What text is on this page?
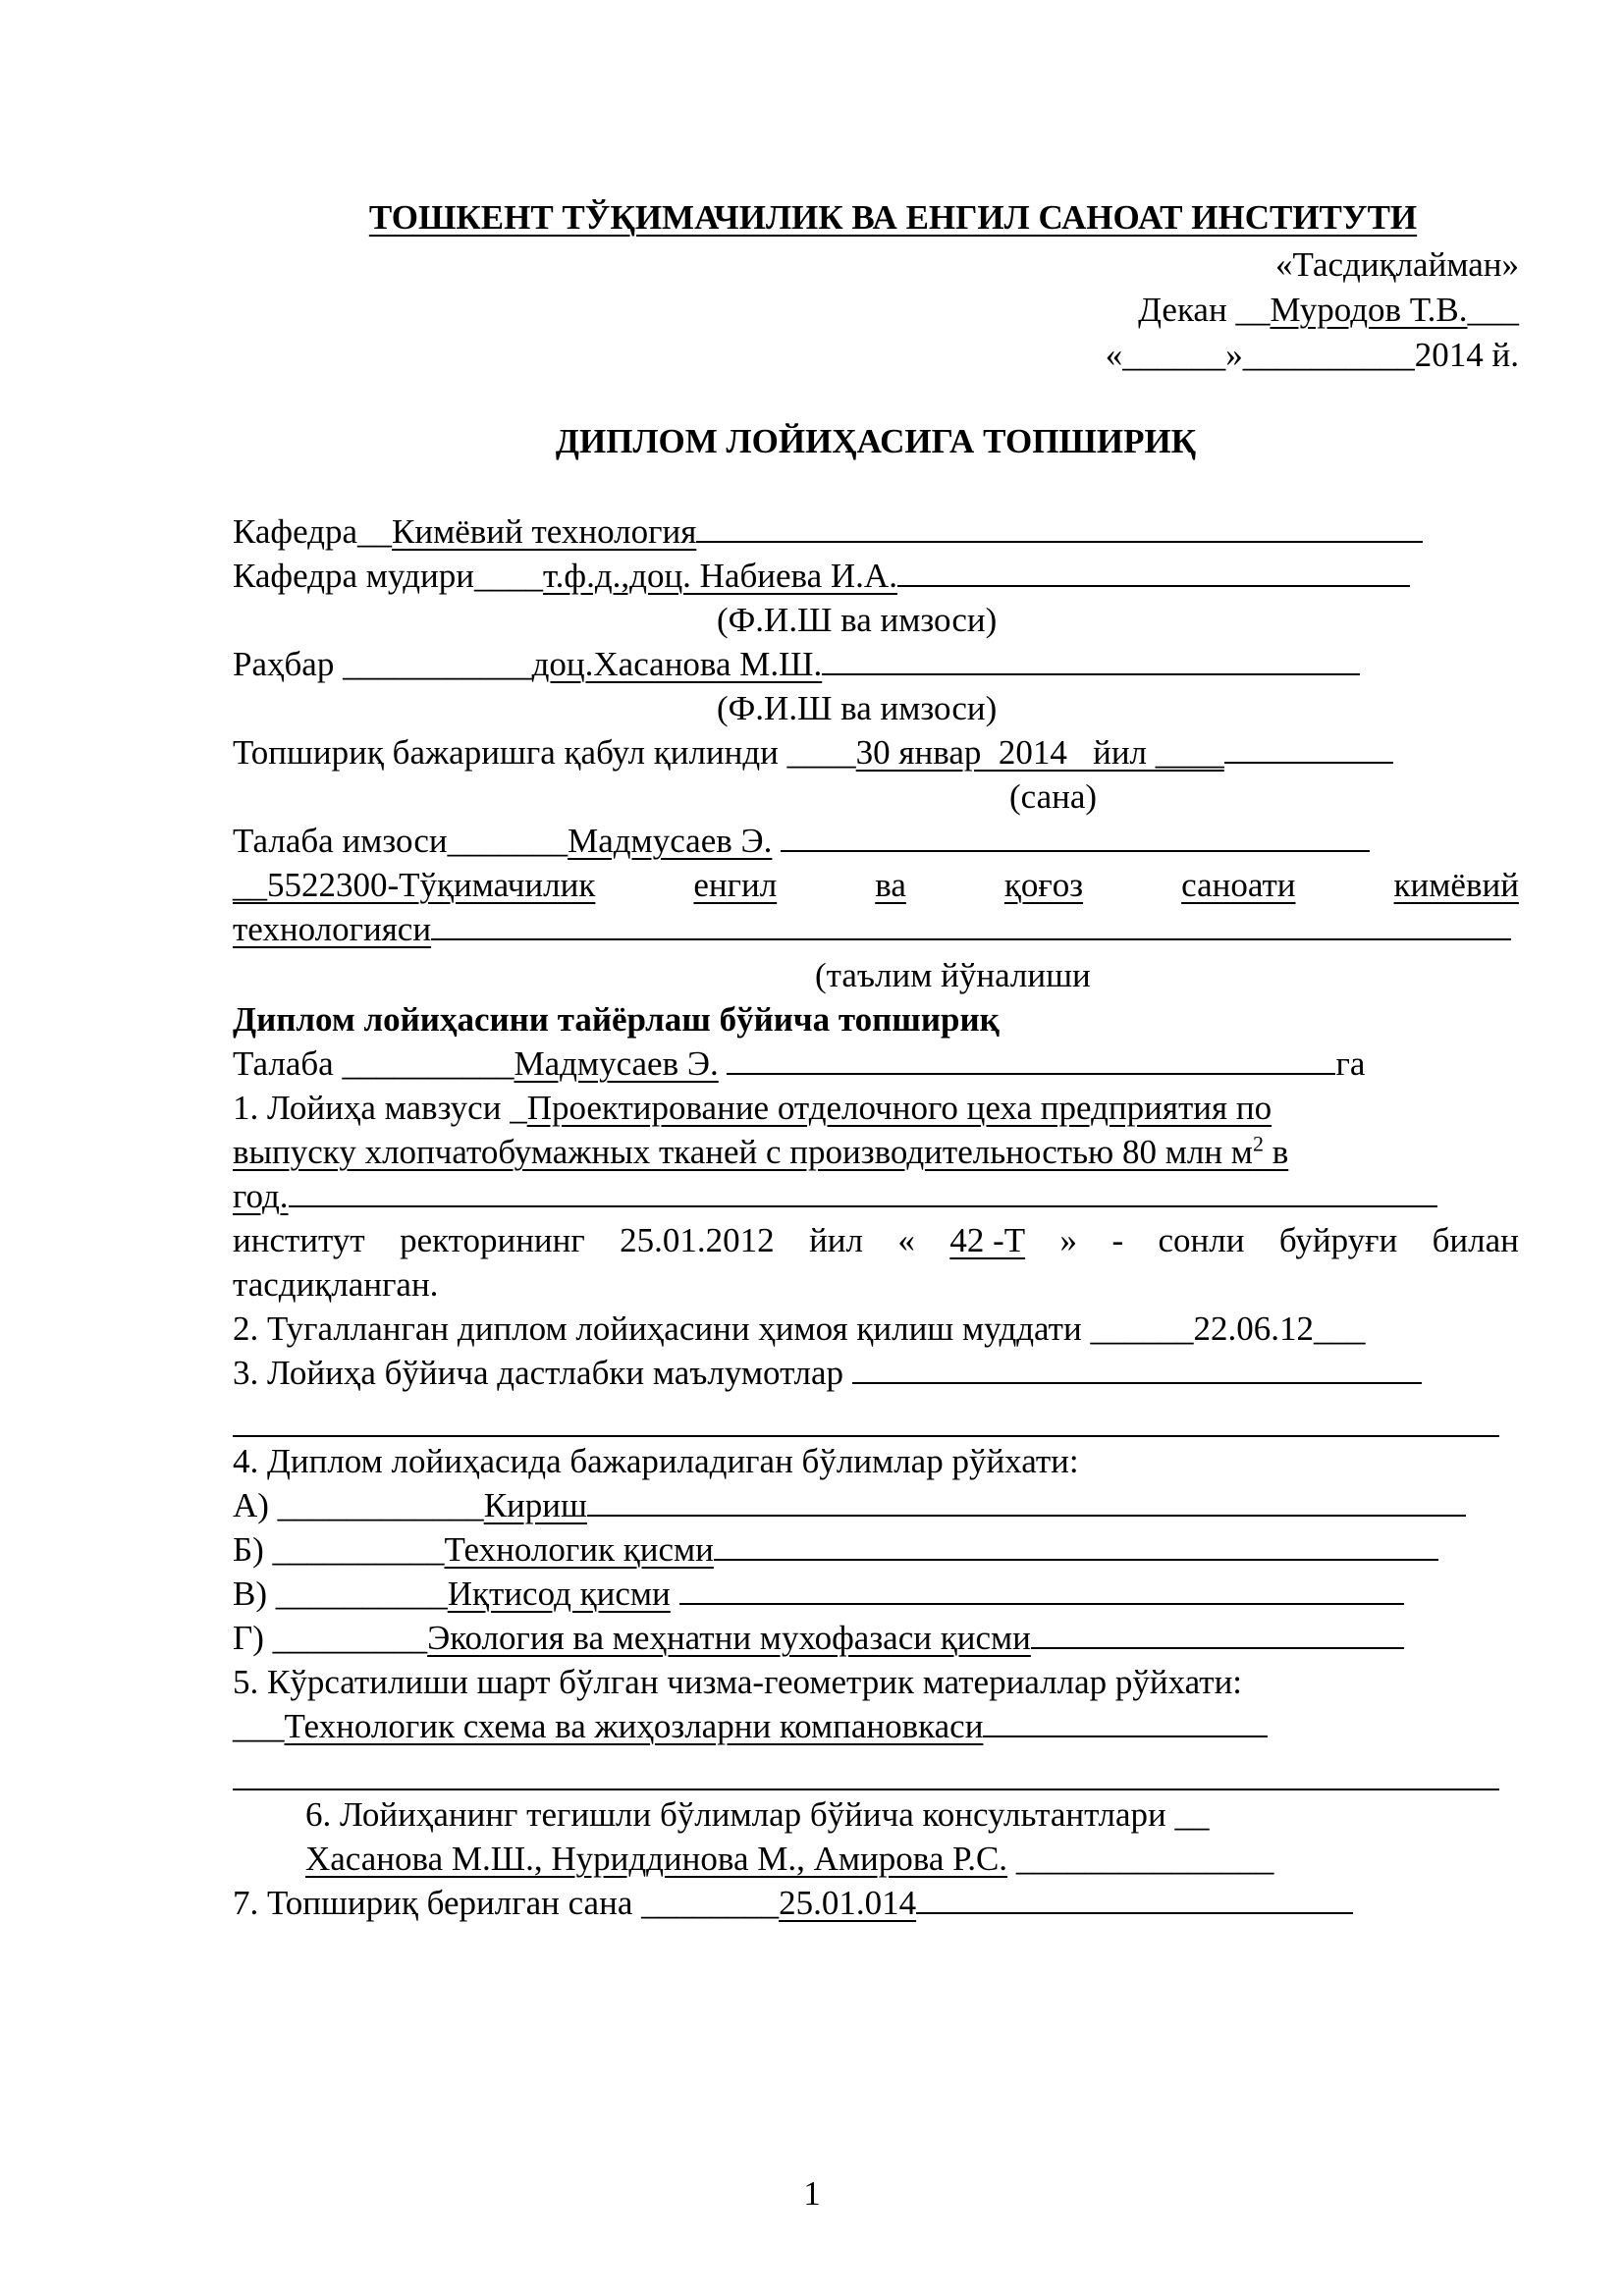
ТОШКЕНТ ТЎҚИМАЧИЛИК ВА ЕНГИЛ САНОАТ ИНСТИТУТИ

«Тасдиқлайман»
Декан __Муродов Т.В.___
«______»__________2014 й.
ДИПЛОМ ЛОЙИҲАСИГА ТОПШИРИҚ
Кафедра__Кимёвий технология
Кафедра мудири____т.ф.д.,доц. Набиева И.А.
(Ф.И.Ш ва имзоси)
Раҳбар ___________доц.Хасанова М.Ш.
(Ф.И.Ш ва имзоси)
Топшириқ бажаришга қабул қилинди ____30 январ  2014   йил ____
(сана)
Талаба имзоси_______Мадмусаев Э.
__5522300-Тўқимачилик	енгил	ва	қоғоз	саноати	кимёвий
технологияси
(таълим йўналиши
Диплом лойиҳасини тайёрлаш бўйича топшириқ
Талаба __________Мадмусаев Э.	га
1. Лойиҳа мавзуси _Проектирование отделочного цеха предприятия по
выпуску хлопчатобумажных тканей с производительностью 80 млн $м^2$ в
год.
институт ректорининг 25.01.2012 йил « 42 -Т » - сонли буйруғи билан
тасдиқланган.
2. Тугалланган диплом лойиҳасини ҳимоя қилиш муддати ______22.06.12___
3. Лойиҳа бўйича дастлабки маълумотлар
4. Диплом лойиҳасида бажариладиган бўлимлар рўйхати:
А) ____________Кириш
Б) __________Технологик қисми
В) __________Иқтисод қисми
Г) _________Экология ва меҳнатни мухофазаси қисми
5. Кўрсатилиши шарт бўлган чизма-геометрик материаллар рўйхати:
___Технологик схема ва жиҳозларни компановкаси
6. Лойиҳанинг тегишли бўлимлар бўйича консультантлари __
Хасанова М.Ш., Нуриддинова М., Амирова Р.С. _______________
7. Топшириқ берилган сана ________25.01.014
1
